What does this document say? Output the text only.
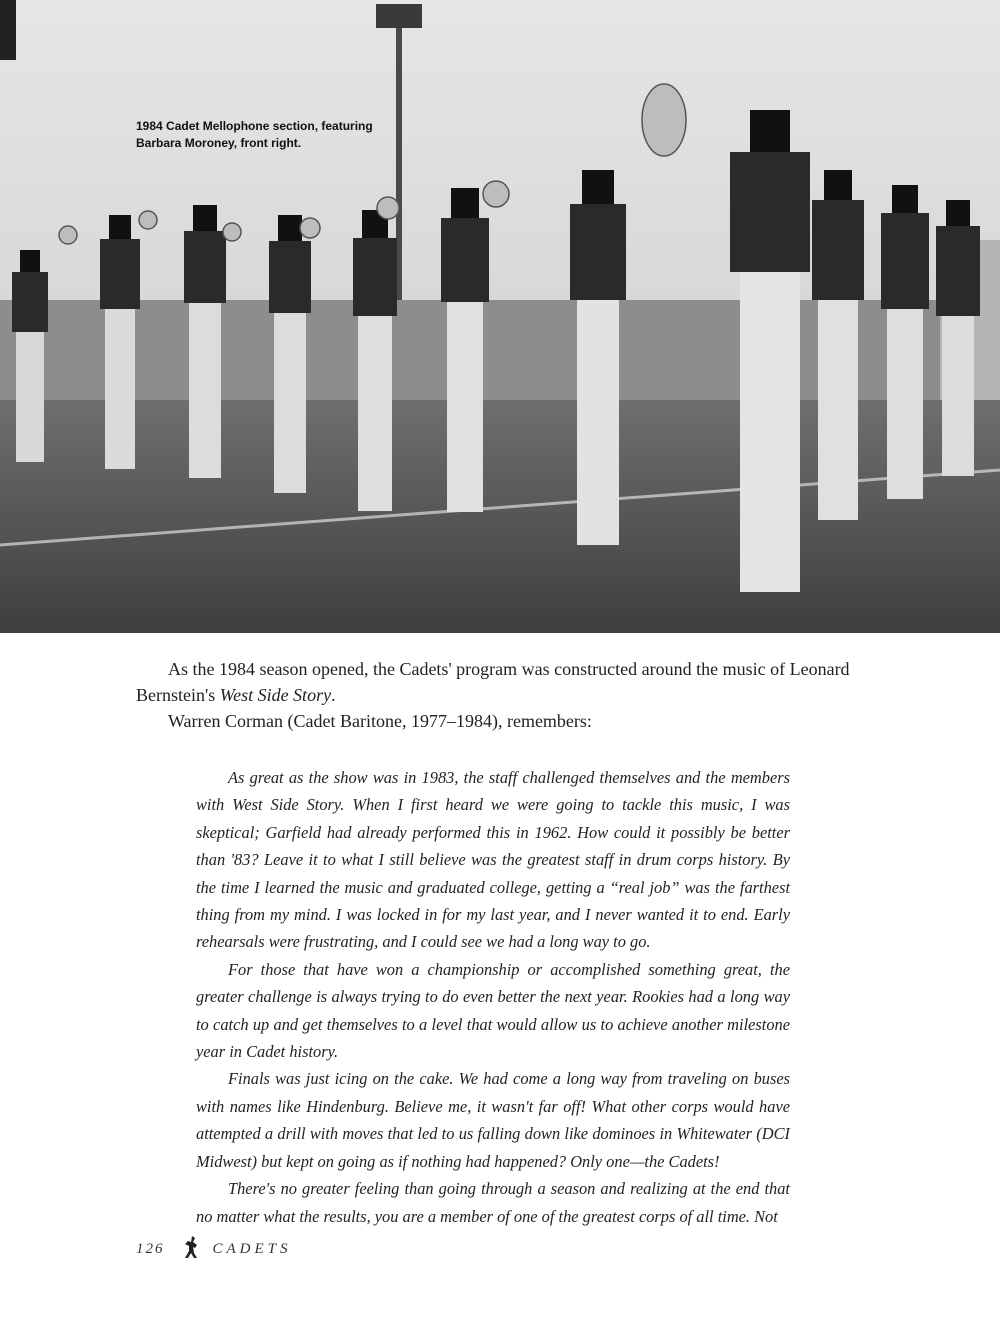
1984 Cadet Mellophone section, featuring Barbara Moroney, front right.

As the 1984 season opened, the Cadets' program was constructed around the music of Leonard Bernstein's West Side Story.

Warren Corman (Cadet Baritone, 1977–1984), remembers:

As great as the show was in 1983, the staff challenged themselves and the members with West Side Story. When I first heard we were going to tackle this music, I was skeptical; Garfield had already performed this in 1962. How could it possibly be better than '83? Leave it to what I still believe was the greatest staff in drum corps history. By the time I learned the music and graduated college, getting a “real job” was the farthest thing from my mind. I was locked in for my last year, and I never wanted it to end. Early rehearsals were frustrating, and I could see we had a long way to go.

For those that have won a championship or accomplished something great, the greater challenge is always trying to do even better the next year. Rookies had a long way to catch up and get themselves to a level that would allow us to achieve another milestone year in Cadet history.

Finals was just icing on the cake. We had come a long way from traveling on buses with names like Hindenburg. Believe me, it wasn't far off! What other corps would have attempted a drill with moves that led to us falling down like dominoes in Whitewater (DCI Midwest) but kept on going as if nothing had happened? Only one—the Cadets!

There's no greater feeling than going through a season and realizing at the end that no matter what the results, you are a member of one of the greatest corps of all time. Not

126	CADETS
